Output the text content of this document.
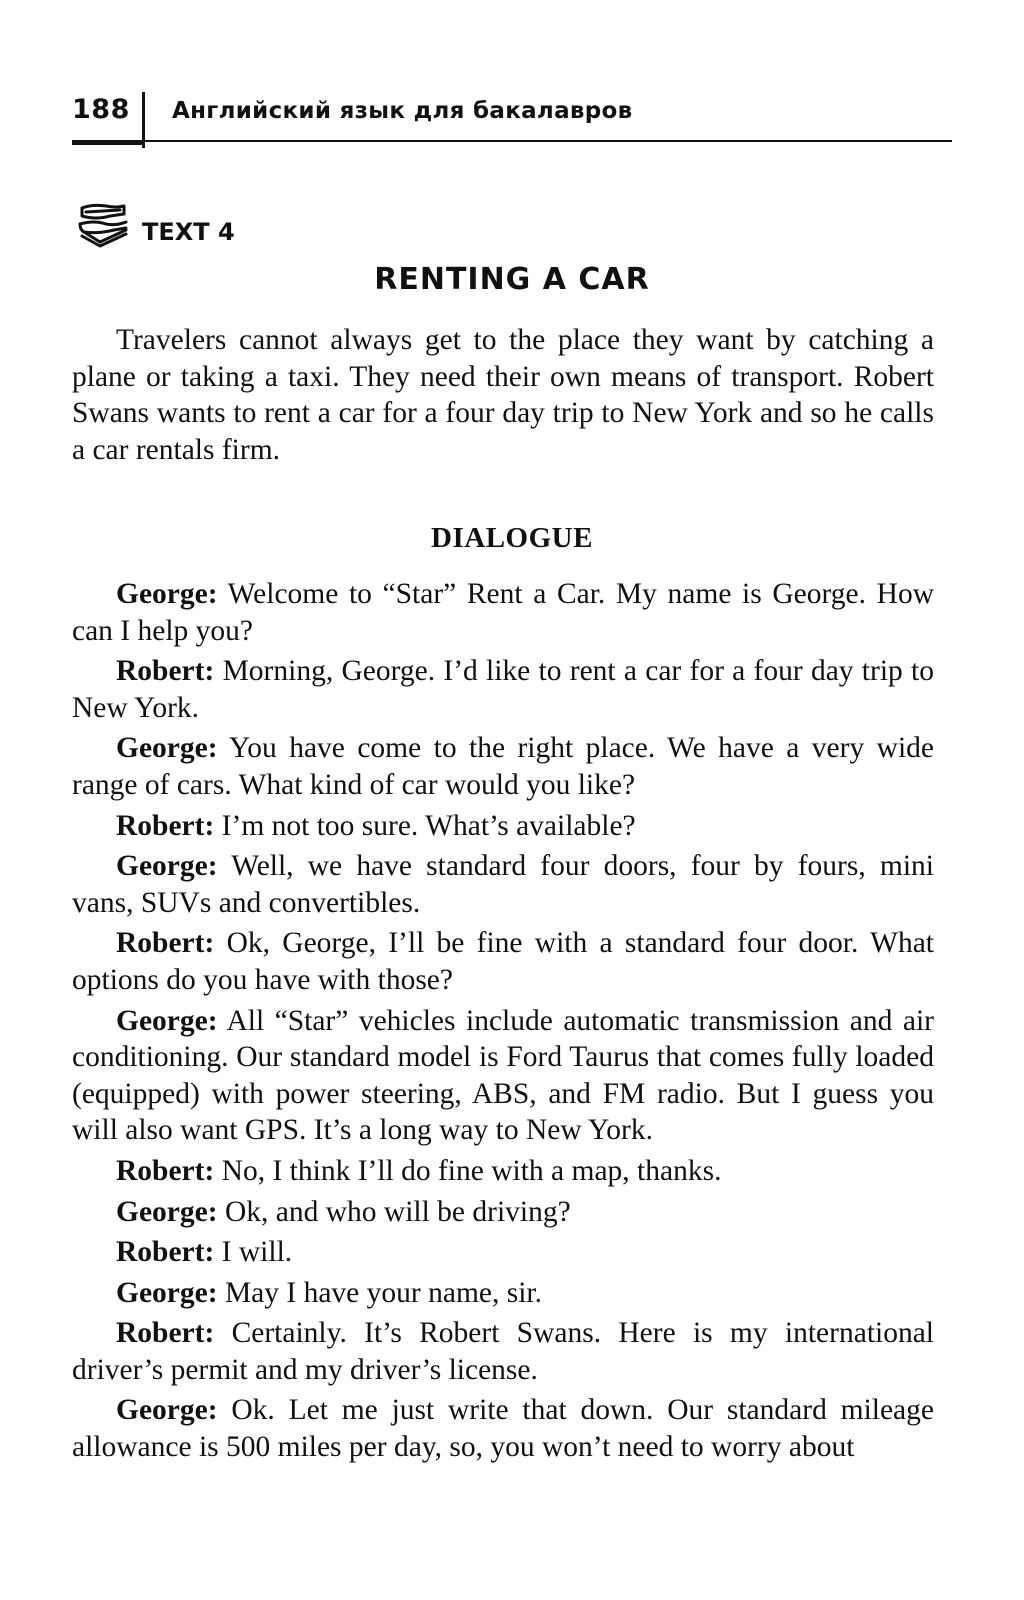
188 Английский язык для бакалавров
TEXT 4
RENTING A CAR

Travelers cannot always get to the place they want by catching a plane or taking a taxi. They need their own means of transport. Robert Swans wants to rent a car for a four day trip to New York and so he calls a car rentals firm.

DIALOGUE

George: Welcome to “Star” Rent a Car. My name is George. How can I help you?

Robert: Morning, George. I’d like to rent a car for a four day trip to New York.

George: You have come to the right place. We have a very wide range of cars. What kind of car would you like?

Robert: I’m not too sure. What’s available?

George: Well, we have standard four doors, four by fours, mini vans, SUVs and convertibles.

Robert: Ok, George, I’ll be fine with a standard four door. What options do you have with those?

George: All “Star” vehicles include automatic transmission and air conditioning. Our standard model is Ford Taurus that comes fully loaded (equipped) with power steering, ABS, and FM radio. But I guess you will also want GPS. It’s a long way to New York.

Robert: No, I think I’ll do fine with a map, thanks.

George: Ok, and who will be driving?

Robert: I will.

George: May I have your name, sir.

Robert: Certainly. It’s Robert Swans. Here is my international driver’s permit and my driver’s license.

George: Ok. Let me just write that down. Our standard mileage allowance is 500 miles per day, so, you won’t need to worry about
